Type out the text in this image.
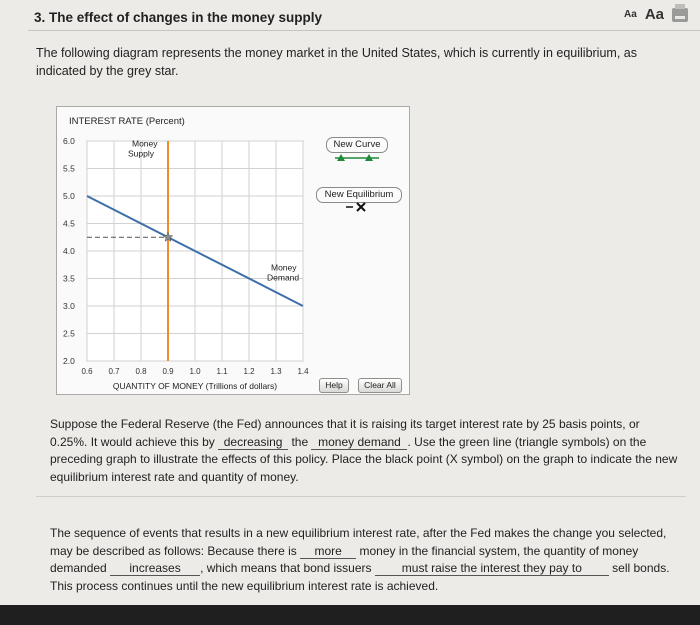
3. The effect of changes in the money supply	Aa Aa
The following diagram represents the money market in the United States, which is currently in equilibrium, as indicated by the grey star.
INTEREST RATE (Percent)
QUANTITY OF MONEY (Trillions of dollars)
2.0
2.5
3.0
3.5
4.0
4.5
5.0
5.5
6.0
0.6 0.7 0.8 0.9 1.0 1.1 1.2 1.3 1.4
Money
Supply
Money
Demand
New Curve
New Equilibrium
Help	Clear All
Suppose the Federal Reserve (the Fed) announces that it is raising its target interest rate by 25 basis points, or 0.25%. It would achieve this by decreasing the money demand . Use the green line (triangle symbols) on the preceding graph to illustrate the effects of this policy. Place the black point (X symbol) on the graph to indicate the new equilibrium interest rate and quantity of money.
The sequence of events that results in a new equilibrium interest rate, after the Fed makes the change you selected, may be described as follows: Because there is more money in the financial system, the quantity of money demanded increases , which means that bond issuers	must raise the interest they pay to	sell bonds. This process continues until the new equilibrium interest rate is achieved.
